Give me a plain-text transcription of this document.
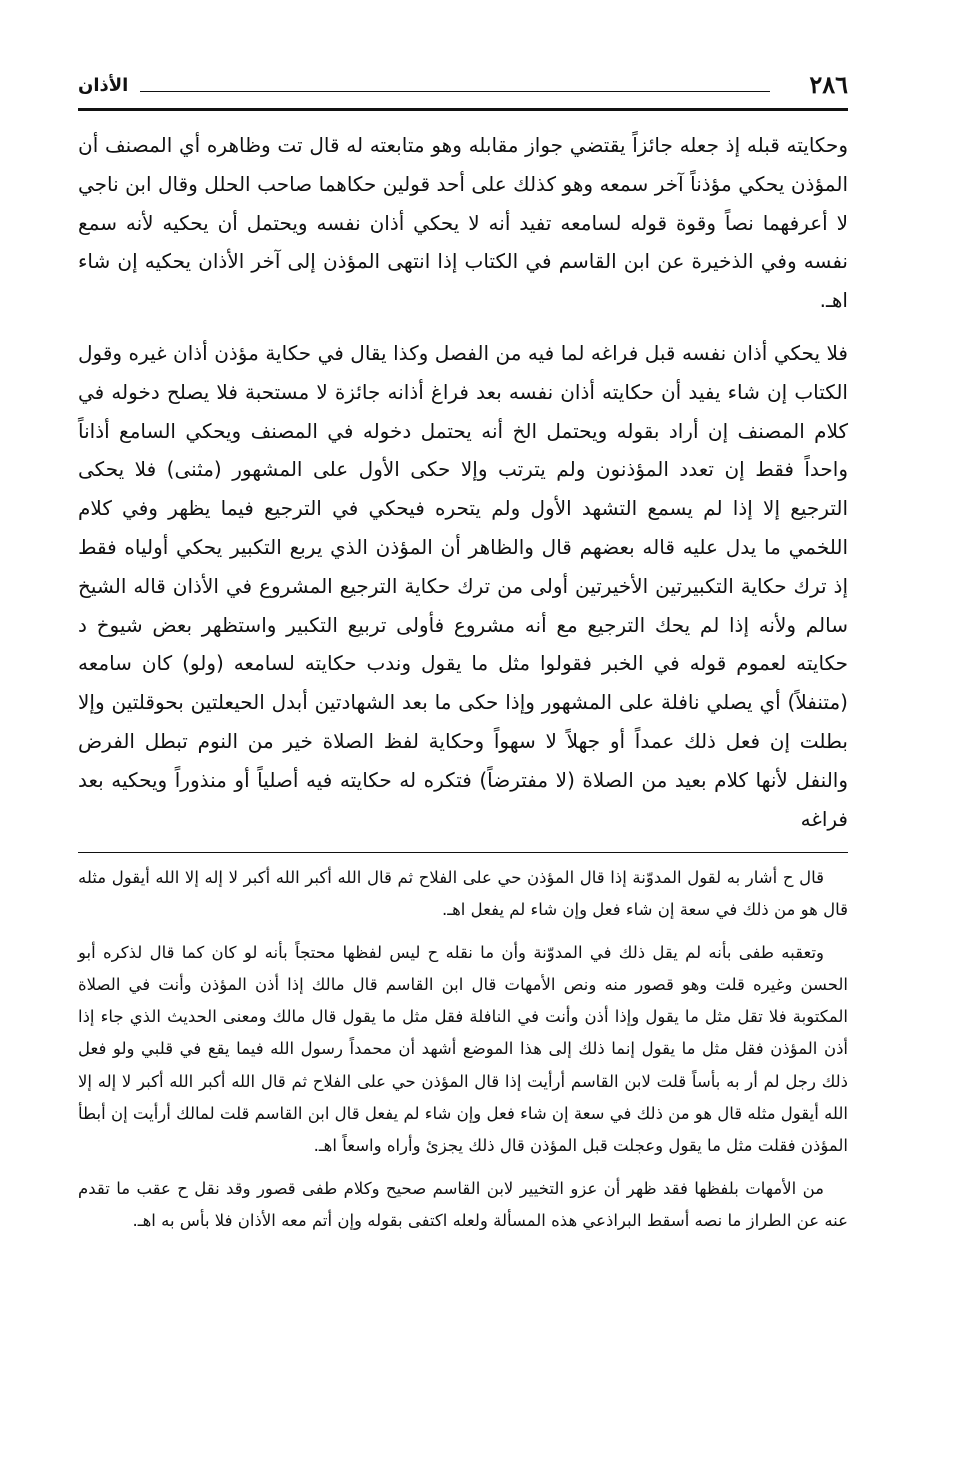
الأذان	٢٨٦

وحكايته قبله إذ جعله جائزاً يقتضي جواز مقابله وهو متابعته له قال تت وظاهره أي المصنف أن المؤذن يحكي مؤذناً آخر سمعه وهو كذلك على أحد قولين حكاهما صاحب الحلل وقال ابن ناجي لا أعرفهما نصاً وقوة قوله لسامعه تفيد أنه لا يحكي أذان نفسه ويحتمل أن يحكيه لأنه سمع نفسه وفي الذخيرة عن ابن القاسم في الكتاب إذا انتهى المؤذن إلى آخر الأذان يحكيه إن شاء اهـ.

فلا يحكي أذان نفسه قبل فراغه لما فيه من الفصل وكذا يقال في حكاية مؤذن أذان غيره وقول الكتاب إن شاء يفيد أن حكايته أذان نفسه بعد فراغ أذانه جائزة لا مستحبة فلا يصلح دخوله في كلام المصنف إن أراد بقوله ويحتمل الخ أنه يحتمل دخوله في المصنف ويحكي السامع أذاناً واحداً فقط إن تعدد المؤذنون ولم يترتب وإلا حكى الأول على المشهور (مثنى) فلا يحكى الترجيع إلا إذا لم يسمع التشهد الأول ولم يتحره فيحكي في الترجيع فيما يظهر وفي كلام اللخمي ما يدل عليه قاله بعضهم قال والظاهر أن المؤذن الذي يربع التكبير يحكي أولياه فقط إذ ترك حكاية التكبيرتين الأخيرتين أولى من ترك حكاية الترجيع المشروع في الأذان قاله الشيخ سالم ولأنه إذا لم يحك الترجيع مع أنه مشروع فأولى تربيع التكبير واستظهر بعض شيوخ د حكايته لعموم قوله في الخبر فقولوا مثل ما يقول وندب حكايته لسامعه (ولو) كان سامعه (متنفلاً) أي يصلي نافلة على المشهور وإذا حكى ما بعد الشهادتين أبدل الحيعلتين بحوقلتين وإلا بطلت إن فعل ذلك عمداً أو جهلاً لا سهواً وحكاية لفظ الصلاة خير من النوم تبطل الفرض والنفل لأنها كلام بعيد من الصلاة (لا مفترضاً) فتكره له حكايته فيه أصلياً أو منذوراً ويحكيه بعد فراغه

قال ح أشار به لقول المدوّنة إذا قال المؤذن حي على الفلاح ثم قال الله أكبر الله أكبر لا إله إلا الله أيقول مثله قال هو من ذلك في سعة إن شاء فعل وإن شاء لم يفعل اهـ.

وتعقبه طفى بأنه لم يقل ذلك في المدوّنة وأن ما نقله ح ليس لفظها محتجاً بأنه لو كان كما قال لذكره أبو الحسن وغيره قلت وهو قصور منه ونص الأمهات قال ابن القاسم قال مالك إذا أذن المؤذن وأنت في الصلاة المكتوبة فلا تقل مثل ما يقول وإذا أذن وأنت في النافلة فقل مثل ما يقول قال مالك ومعنى الحديث الذي جاء إذا أذن المؤذن فقل مثل ما يقول إنما ذلك إلى هذا الموضع أشهد أن محمداً رسول الله فيما يقع في قلبي ولو فعل ذلك رجل لم أر به بأساً قلت لابن القاسم أرأيت إذا قال المؤذن حي على الفلاح ثم قال الله أكبر الله أكبر لا إله إلا الله أيقول مثله قال هو من ذلك في سعة إن شاء فعل وإن شاء لم يفعل قال ابن القاسم قلت لمالك أرأيت إن أبطأ المؤذن فقلت مثل ما يقول وعجلت قبل المؤذن قال ذلك يجزئ وأراه واسعاً اهـ.

من الأمهات بلفظها فقد ظهر أن عزو التخيير لابن القاسم صحيح وكلام طفى قصور وقد نقل ح عقب ما تقدم عنه عن الطراز ما نصه أسقط البراذعي هذه المسألة ولعله اكتفى بقوله وإن أتم معه الأذان فلا بأس به اهـ.
